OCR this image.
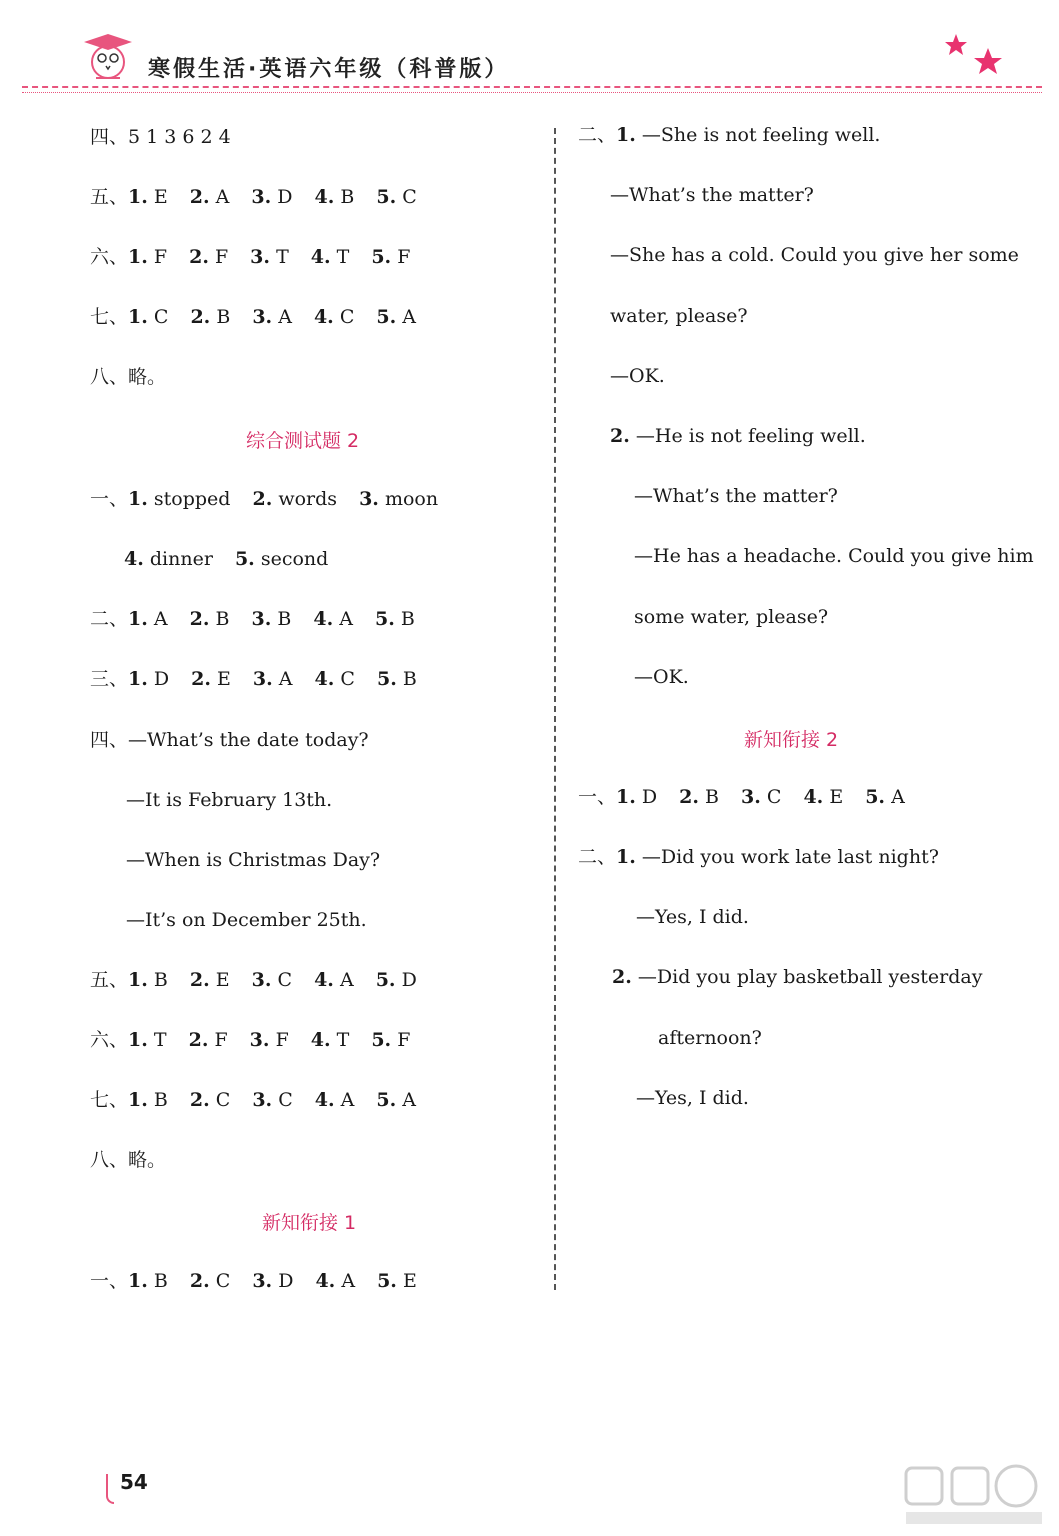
寒假生活·英语六年级（科普版）
四、5 1 3 6 2 4
五、1. E 2. A 3. D 4. B 5. C
六、1. F 2. F 3. T 4. T 5. F
七、1. C 2. B 3. A 4. C 5. A
八、略。
综合测试题 2
一、1. stopped 2. words 3. moon
4. dinner 5. second
二、1. A 2. B 3. B 4. A 5. B
三、1. D 2. E 3. A 4. C 5. B
四、—What’s the date today?
—It is February 13th.
—When is Christmas Day?
—It’s on December 25th.
五、1. B 2. E 3. C 4. A 5. D
六、1. T 2. F 3. F 4. T 5. F
七、1. B 2. C 3. C 4. A 5. A
八、略。
新知衔接 1
一、1. B 2. C 3. D 4. A 5. E
二、1. —She is not feeling well.
—What’s the matter?
—She has a cold. Could you give her some
water, please?
—OK.
2. —He is not feeling well.
—What’s the matter?
—He has a headache. Could you give him
some water, please?
—OK.
新知衔接 2
一、1. D 2. B 3. C 4. E 5. A
二、1. —Did you work late last night?
—Yes, I did.
2. —Did you play basketball yesterday
afternoon?
—Yes, I did.
54
